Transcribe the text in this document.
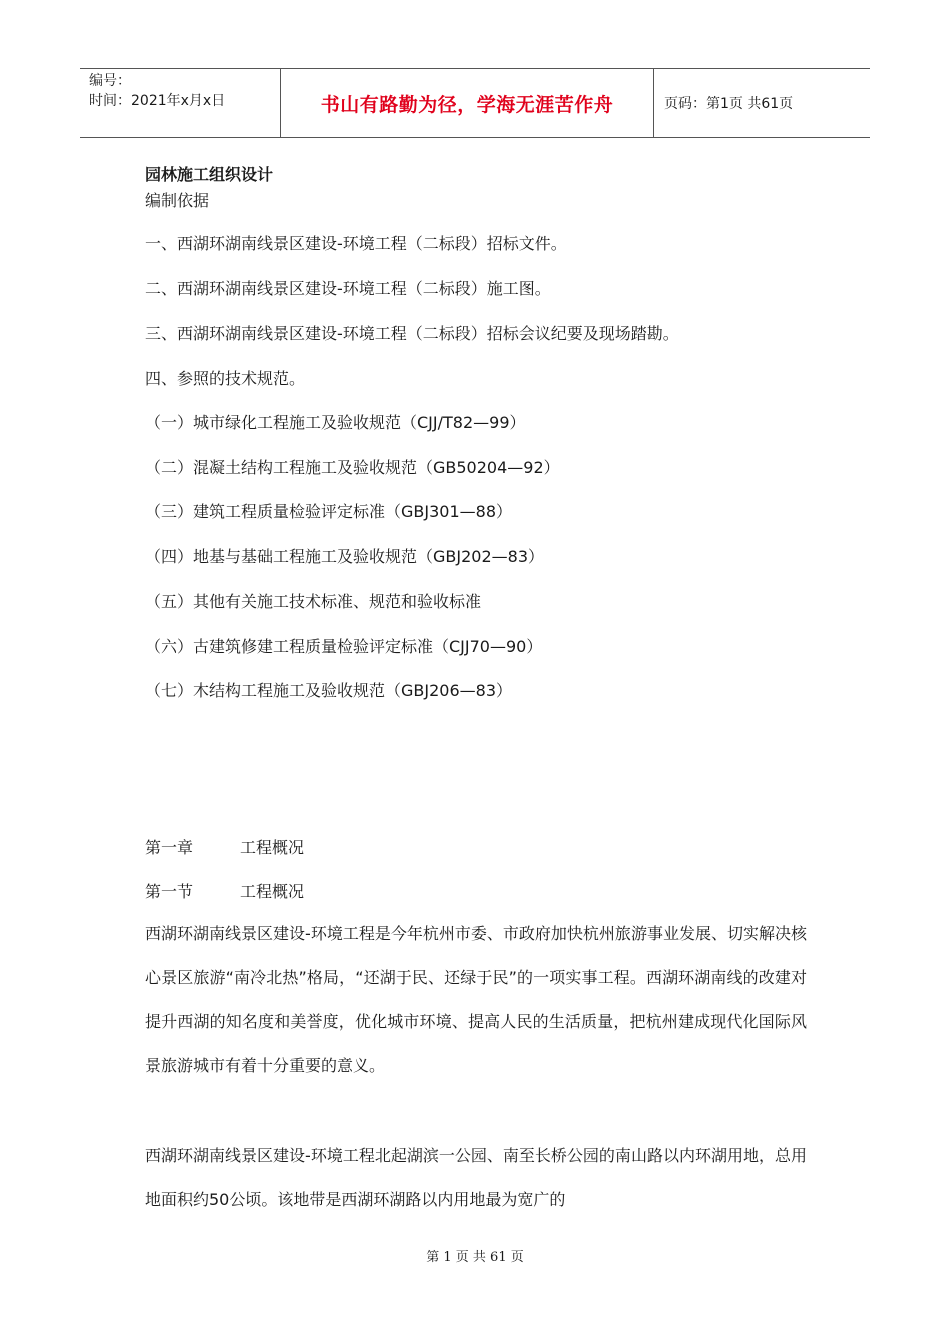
编号：
时间：2021年x月x日	书山有路勤为径，学海无涯苦作舟	页码：第1页 共61页
园林施工组织设计
编制依据
一、西湖环湖南线景区建设-环境工程（二标段）招标文件。
二、西湖环湖南线景区建设-环境工程（二标段）施工图。
三、西湖环湖南线景区建设-环境工程（二标段）招标会议纪要及现场踏勘。
四、参照的技术规范。
（一）城市绿化工程施工及验收规范（CJJ/T82—99）
（二）混凝土结构工程施工及验收规范（GB50204—92）
（三）建筑工程质量检验评定标准（GBJ301—88）
（四）地基与基础工程施工及验收规范（GBJ202—83）
（五）其他有关施工技术标准、规范和验收标准
（六）古建筑修建工程质量检验评定标准（CJJ70—90）
（七）木结构工程施工及验收规范（GBJ206—83）
第一章	工程概况
第一节	工程概况
西湖环湖南线景区建设-环境工程是今年杭州市委、市政府加快杭州旅游事业发展、切实解决核心景区旅游“南冷北热”格局，“还湖于民、还绿于民”的一项实事工程。西湖环湖南线的改建对提升西湖的知名度和美誉度，优化城市环境、提高人民的生活质量，把杭州建成现代化国际风景旅游城市有着十分重要的意义。
西湖环湖南线景区建设-环境工程北起湖滨一公园、南至长桥公园的南山路以内环湖用地，总用地面积约50公顷。该地带是西湖环湖路以内用地最为宽广的
第 1 页 共 61 页
